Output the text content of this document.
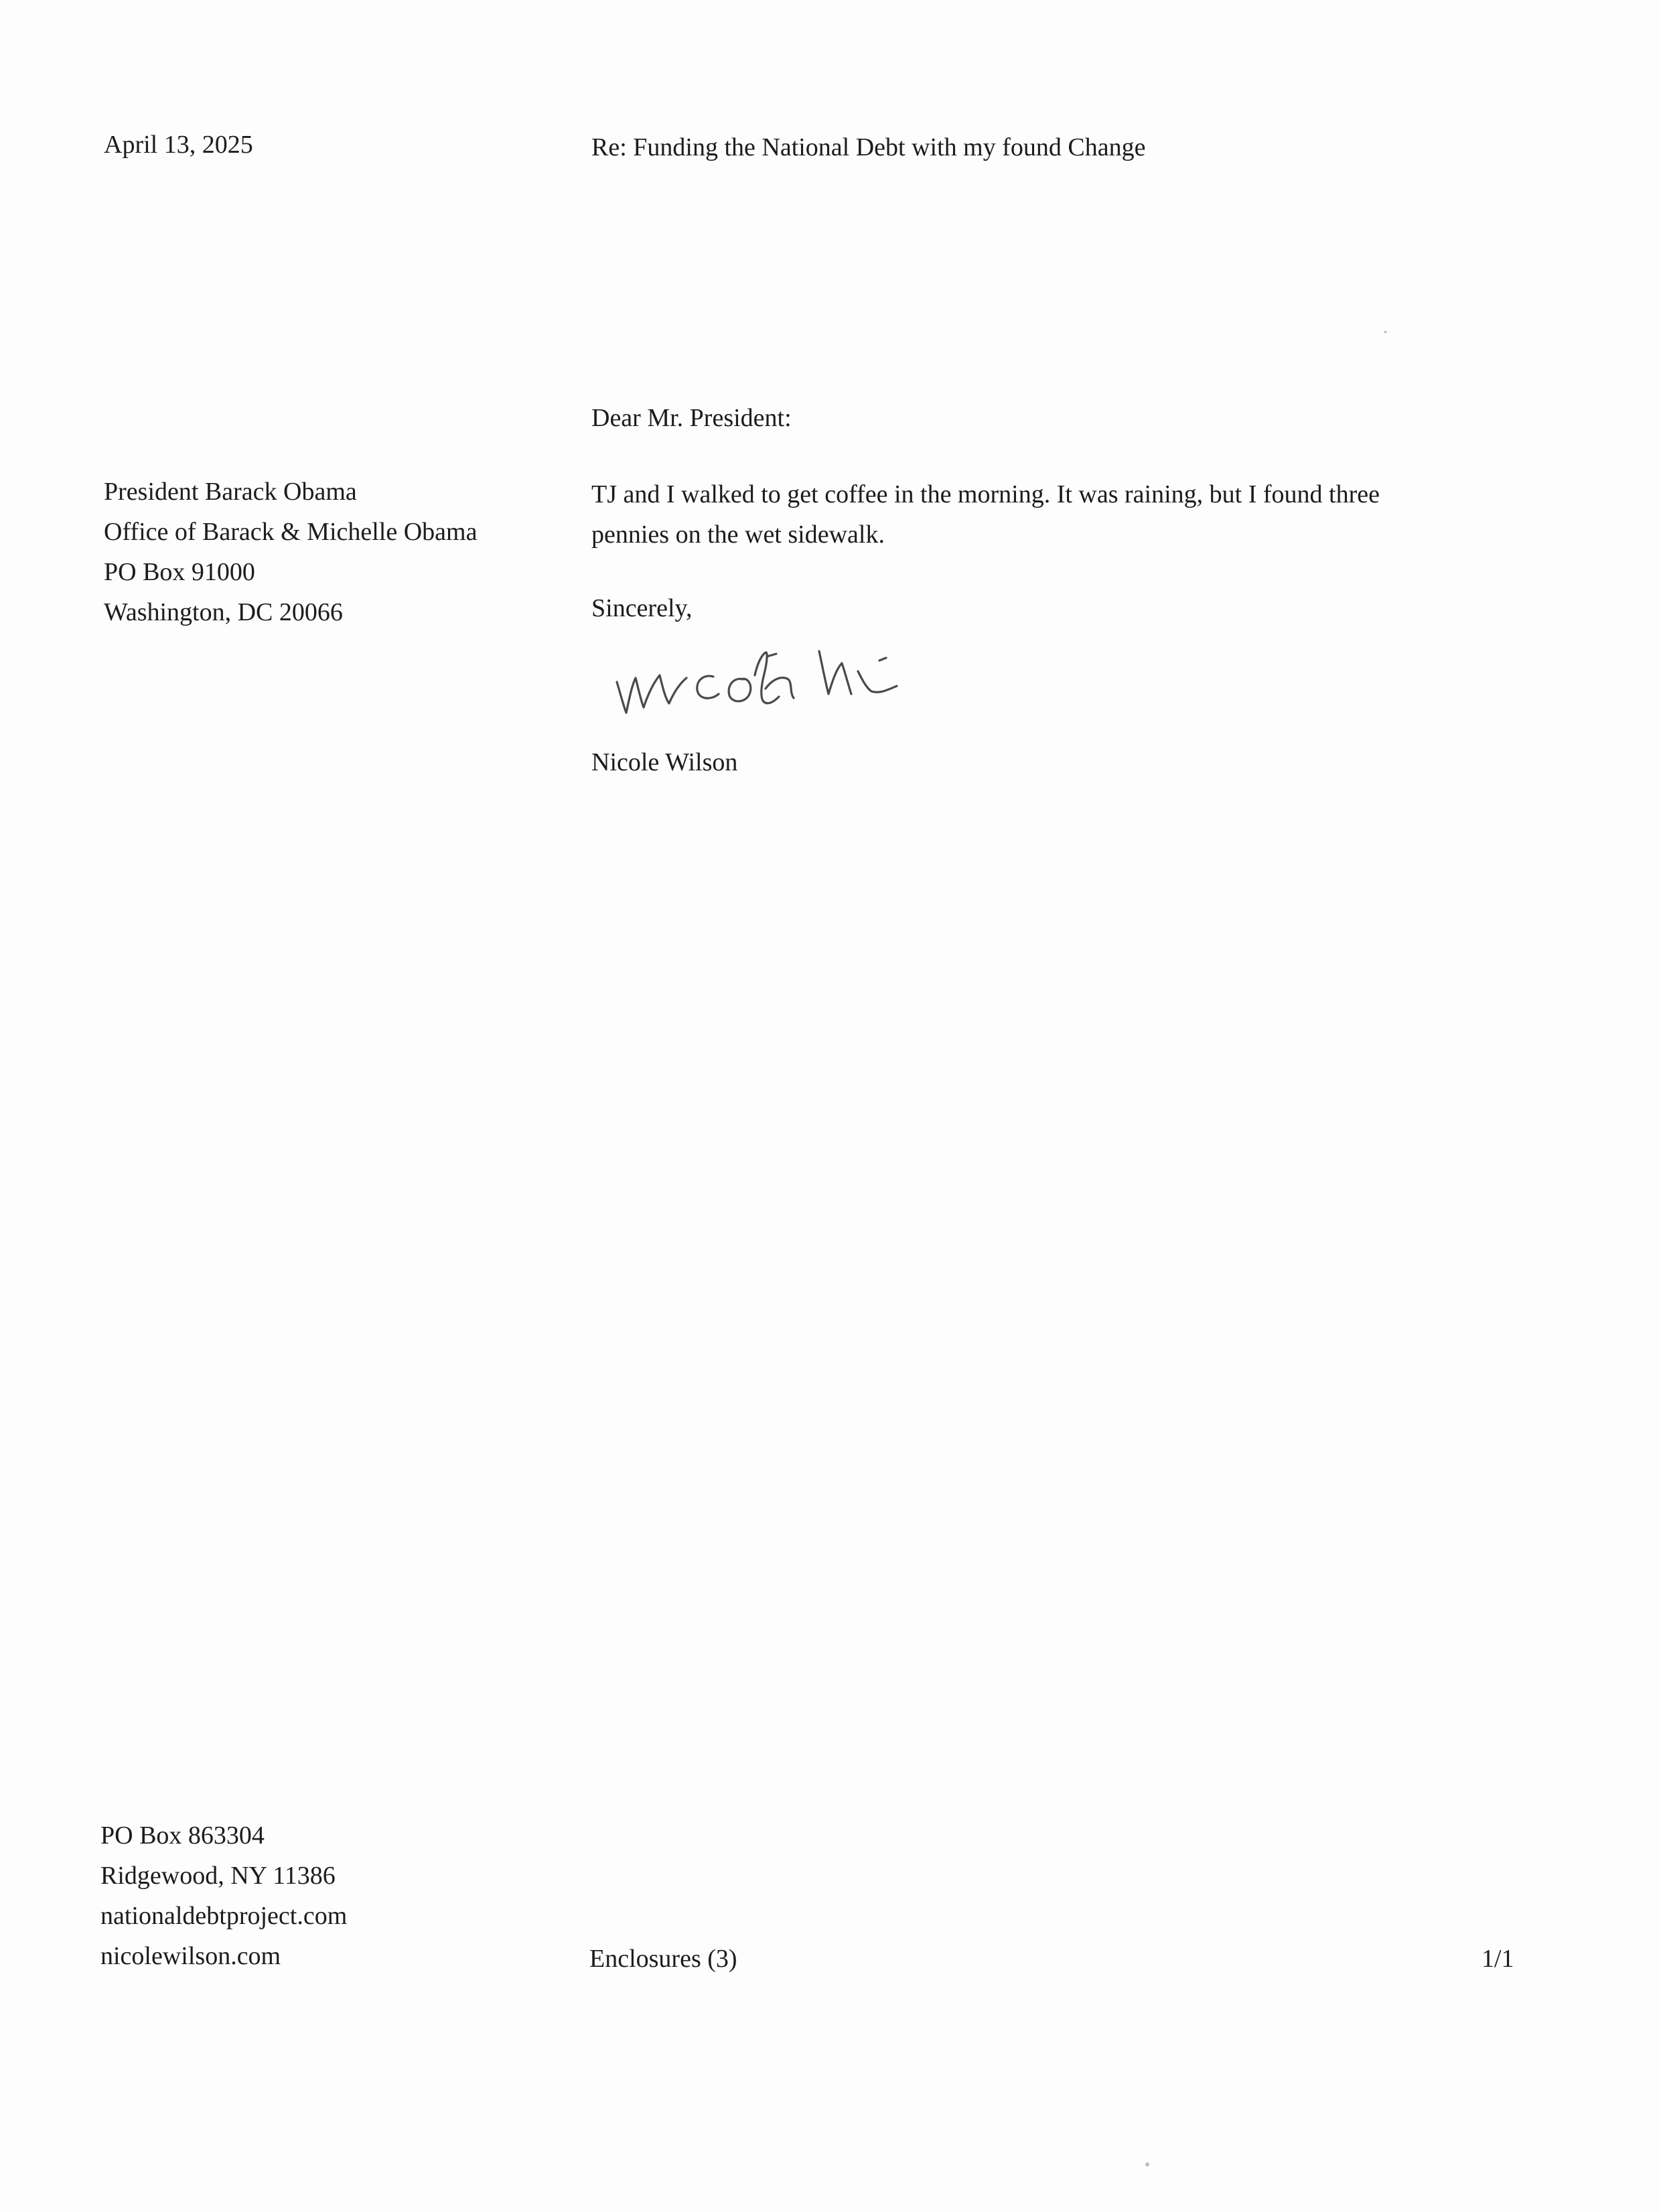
April 13, 2025	Re: Funding the National Debt with my found Change

Dear Mr. President:

President Barack Obama
Office of Barack & Michelle Obama
PO Box 91000
Washington, DC 20066
TJ and I walked to get coffee in the morning. It was raining, but I found three
pennies on the wet sidewalk.

Sincerely,

Nicole Wilson

PO Box 863304
Ridgewood, NY 11386
nationaldebtproject.com
nicolewilson.com	Enclosures (3)	1/1
